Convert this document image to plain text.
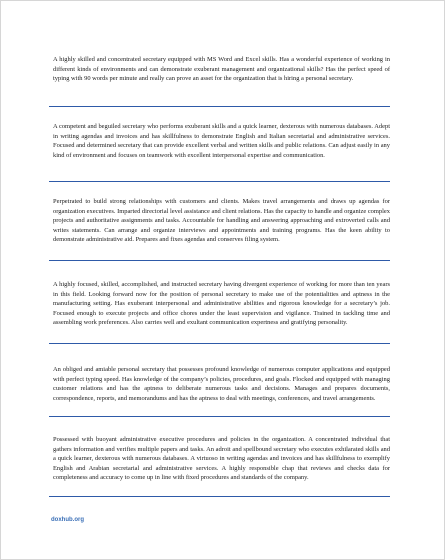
A highly skilled and concentrated secretary equipped with MS Word and Excel skills. Has a wonderful experience of working in different kinds of environments and can demonstrate exuberant management and organizational skills? Has the perfect speed of typing with 90 words per minute and really can prove an asset for the organization that is hiring a personal secretary.

A competent and beguiled secretary who performs exuberant skills and a quick learner, dexterous with numerous databases. Adept in writing agendas and invoices and has skillfulness to demonstrate English and Italian secretarial and administrative services. Focused and determined secretary that can provide excellent verbal and written skills and public relations. Can adjust easily in any kind of environment and focuses on teamwork with excellent interpersonal expertise and communication.

Perpetrated to build strong relationships with customers and clients. Makes travel arrangements and draws up agendas for organization executives. Imparted directorial level assistance and client relations. Has the capacity to handle and organize complex projects and authoritative assignments and tasks. Accountable for handling and answering approaching and extroverted calls and writes statements. Can arrange and organize interviews and appointments and training programs. Has the keen ability to demonstrate administrative aid. Prepares and fixes agendas and conserves filing system.

A highly focused, skilled, accomplished, and instructed secretary having divergent experience of working for more than ten years in this field. Looking forward now for the position of personal secretary to make use of the potentialities and aptness in the manufacturing setting. Has exuberant interpersonal and administrative abilities and rigorous knowledge for a secretary’s job. Focused enough to execute projects and office chores under the least supervision and vigilance. Trained in tackling time and assembling work preferences. Also carries well and exultant communication expertness and gratifying personality.

An obliged and amiable personal secretary that possesses profound knowledge of numerous computer applications and equipped with perfect typing speed. Has knowledge of the company’s policies, procedures, and goals. Flocked and equipped with managing customer relations and has the aptness to deliberate numerous tasks and decisions. Manages and prepares documents, correspondence, reports, and memorandums and has the aptness to deal with meetings, conferences, and travel arrangements.

Possessed with buoyant administrative executive procedures and policies in the organization. A concentrated individual that gathers information and verifies multiple papers and tasks. An adroit and spellbound secretary who executes exhilarated skills and a quick learner, dexterous with numerous databases. A virtuoso in writing agendas and invoices and has skillfulness to exemplify English and Arabian secretarial and administrative services. A highly responsible chap that reviews and checks data for completeness and accuracy to come up in line with fixed procedures and standards of the company.

doxhub.org
